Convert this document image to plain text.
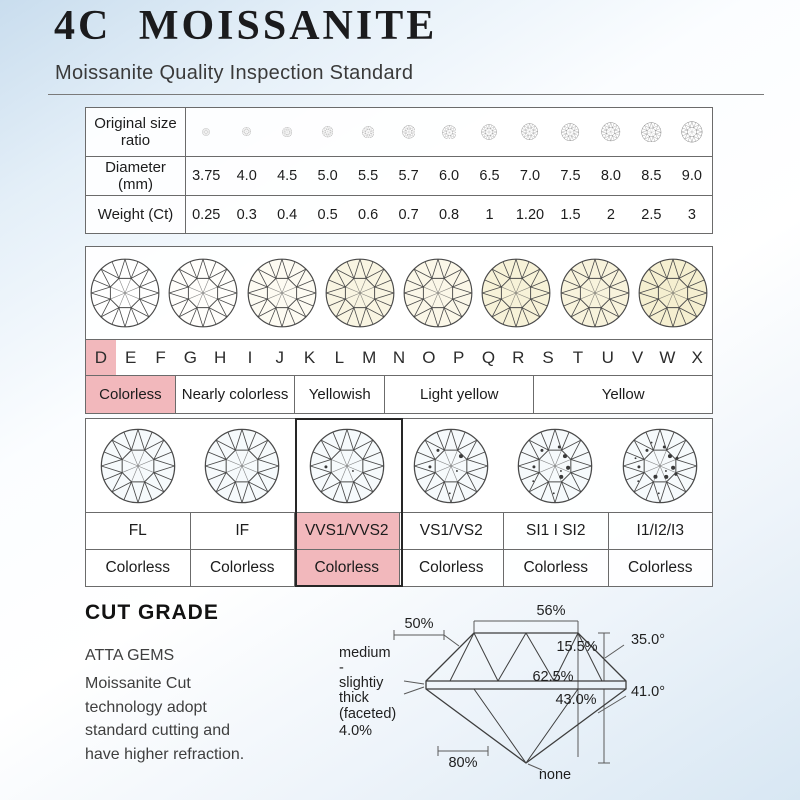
4C MOISSANITE
Moissanite Quality Inspection Standard
Original size ratio
Diameter (mm)	3.75	4.0	4.5	5.0	5.5	5.7	6.0	6.5	7.0	7.5	8.0	8.5	9.0
Weight (Ct)	0.25	0.3	0.4	0.5	0.6	0.7	0.8	1	1.20	1.5	2	2.5	3
D	E	F	G	H	I	J	K	L	M N	O	P	Q	R	S	T	U	V W X
Colorless	Nearly colorless	Yellowish	Light yellow	Yellow
FL	IF	VVS1/VVS2	VS1/VS2	SI1 I SI2	I1/I2/I3
Colorless	Colorless	Colorless	Colorless	Colorless	Colorless
CUT GRADE
ATTA GEMS
Moissanite Cut
technology adopt
standard cutting and
have higher refraction.
50%
56%
15.5% 35.0°
62.5%
43.0% 41.0°
80%
none
medium
-
slightiy
thick
(faceted)
4.0%
